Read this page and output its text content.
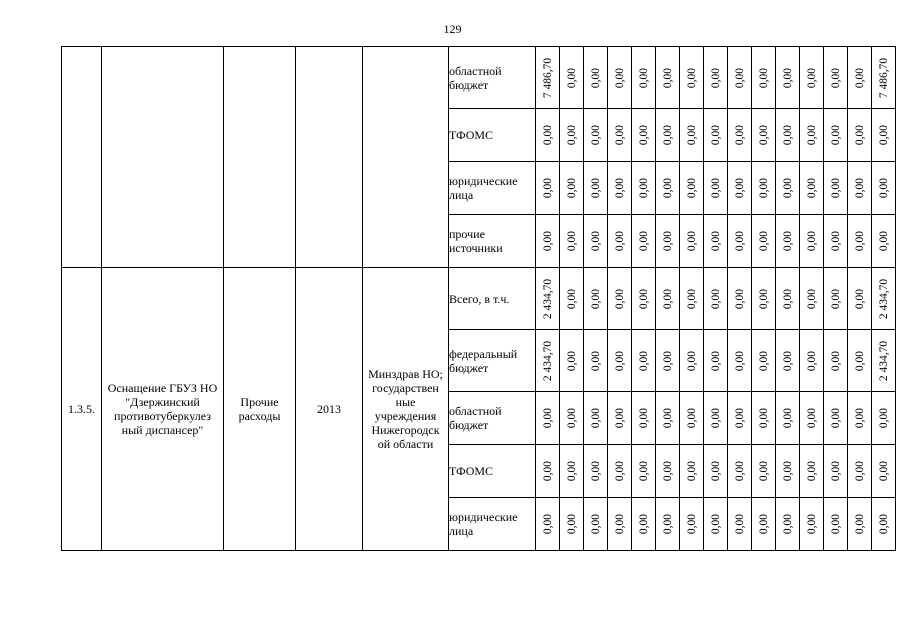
129
					областной бюджет	7 486,70	0,00	0,00	0,00	0,00	0,00	0,00	0,00	0,00	0,00	0,00	0,00	0,00	0,00	7 486,70

					ТФОМС	0,00	0,00	0,00	0,00	0,00	0,00	0,00	0,00	0,00	0,00	0,00	0,00	0,00	0,00	0,00

					юридические лица	0,00	0,00	0,00	0,00	0,00	0,00	0,00	0,00	0,00	0,00	0,00	0,00	0,00	0,00	0,00

					прочие источники	0,00	0,00	0,00	0,00	0,00	0,00	0,00	0,00	0,00	0,00	0,00	0,00	0,00	0,00	0,00

1.3.5.	Оснащение ГБУЗ НО "Дзержинский противотуберкулез ный диспансер"	Прочие расходы	2013	Минздрав НО; государствен ные учреждения Нижегородск ой области	Всего, в т.ч.	2 434,70	0,00	0,00	0,00	0,00	0,00	0,00	0,00	0,00	0,00	0,00	0,00	0,00	0,00	2 434,70

					федеральный бюджет	2 434,70	0,00	0,00	0,00	0,00	0,00	0,00	0,00	0,00	0,00	0,00	0,00	0,00	0,00	2 434,70

					областной бюджет	0,00	0,00	0,00	0,00	0,00	0,00	0,00	0,00	0,00	0,00	0,00	0,00	0,00	0,00	0,00

					ТФОМС	0,00	0,00	0,00	0,00	0,00	0,00	0,00	0,00	0,00	0,00	0,00	0,00	0,00	0,00	0,00

					юридические лица	0,00	0,00	0,00	0,00	0,00	0,00	0,00	0,00	0,00	0,00	0,00	0,00	0,00	0,00	0,00
